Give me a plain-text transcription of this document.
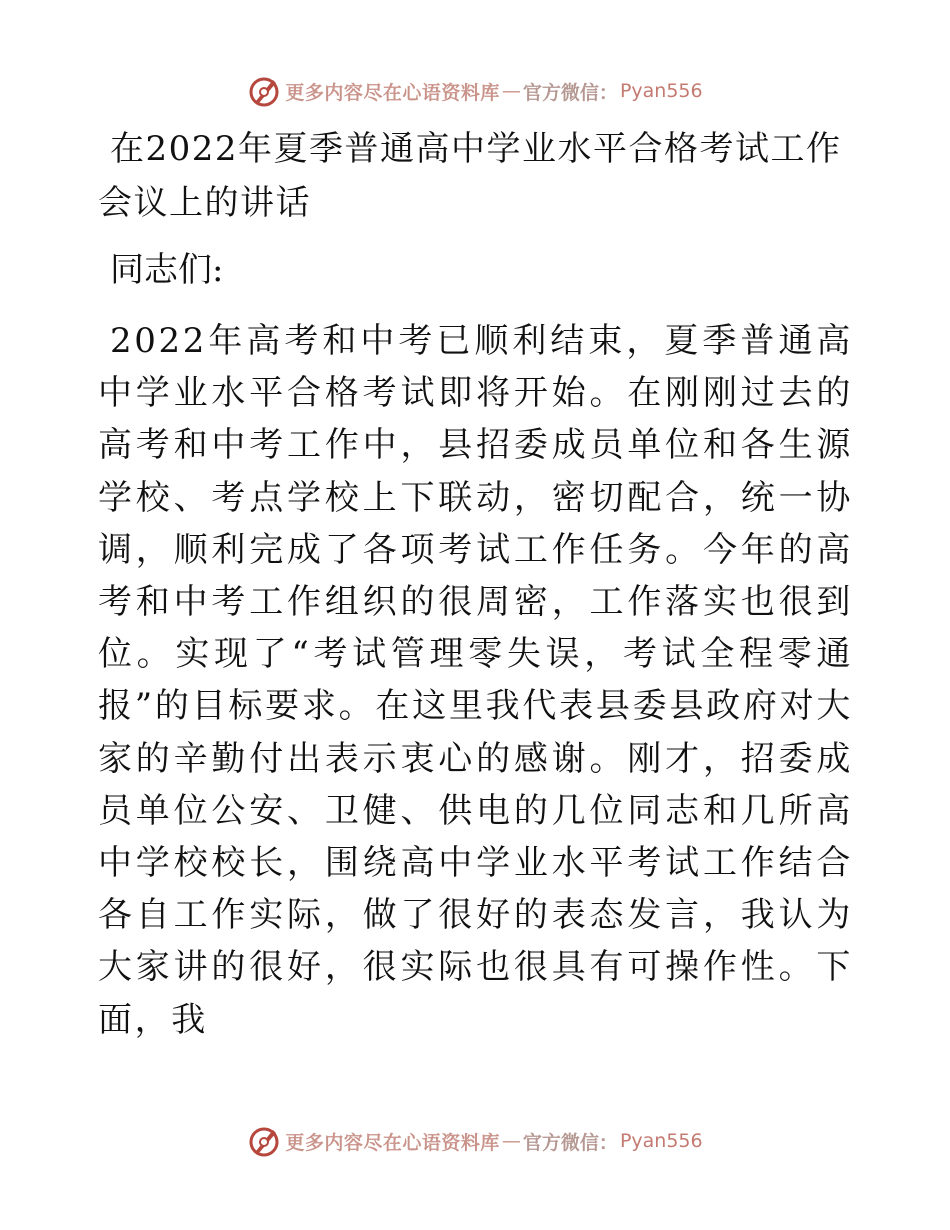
更多内容尽在心语资料库 — 官方微信： Pyan556
在2022年夏季普通高中学业水平合格考试工作会议上的讲话

同志们:

2022年高考和中考已顺利结束，夏季普通高中学业水平合格考试即将开始。在刚刚过去的高考和中考工作中，县招委成员单位和各生源学校、考点学校上下联动，密切配合，统一协调，顺利完成了各项考试工作任务。今年的高考和中考工作组织的很周密，工作落实也很到位。实现了“考试管理零失误，考试全程零通报”的目标要求。在这里我代表县委县政府对大家的辛勤付出表示衷心的感谢。刚才，招委成员单位公安、卫健、供电的几位同志和几所高中学校校长，围绕高中学业水平考试工作结合各自工作实际，做了很好的表态发言，我认为大家讲的很好，很实际也很具有可操作性。下面，我

更多内容尽在心语资料库 — 官方微信： Pyan556
